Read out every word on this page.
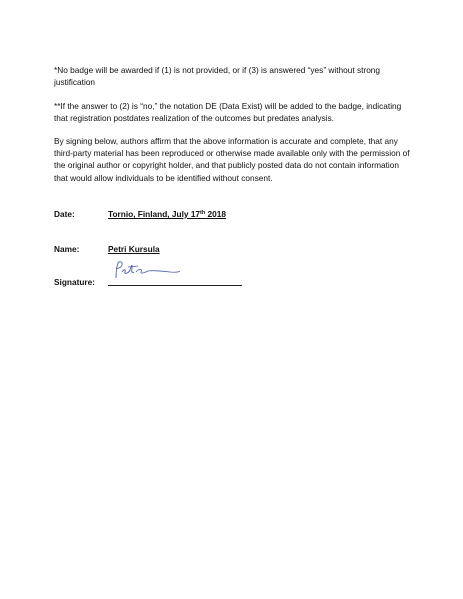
*No badge will be awarded if (1) is not provided, or if (3) is answered “yes” without strong justification

**If the answer to (2) is “no,” the notation DE (Data Exist) will be added to the badge, indicating that registration postdates realization of the outcomes but predates analysis.

By signing below, authors affirm that the above information is accurate and complete, that any third-party material has been reproduced or otherwise made available only with the permission of the original author or copyright holder, and that publicly posted data do not contain information that would allow individuals to be identified without consent.

Date:	Tornio, Finland, July 17th 2018
Name:	Petri Kursula
Signature:
